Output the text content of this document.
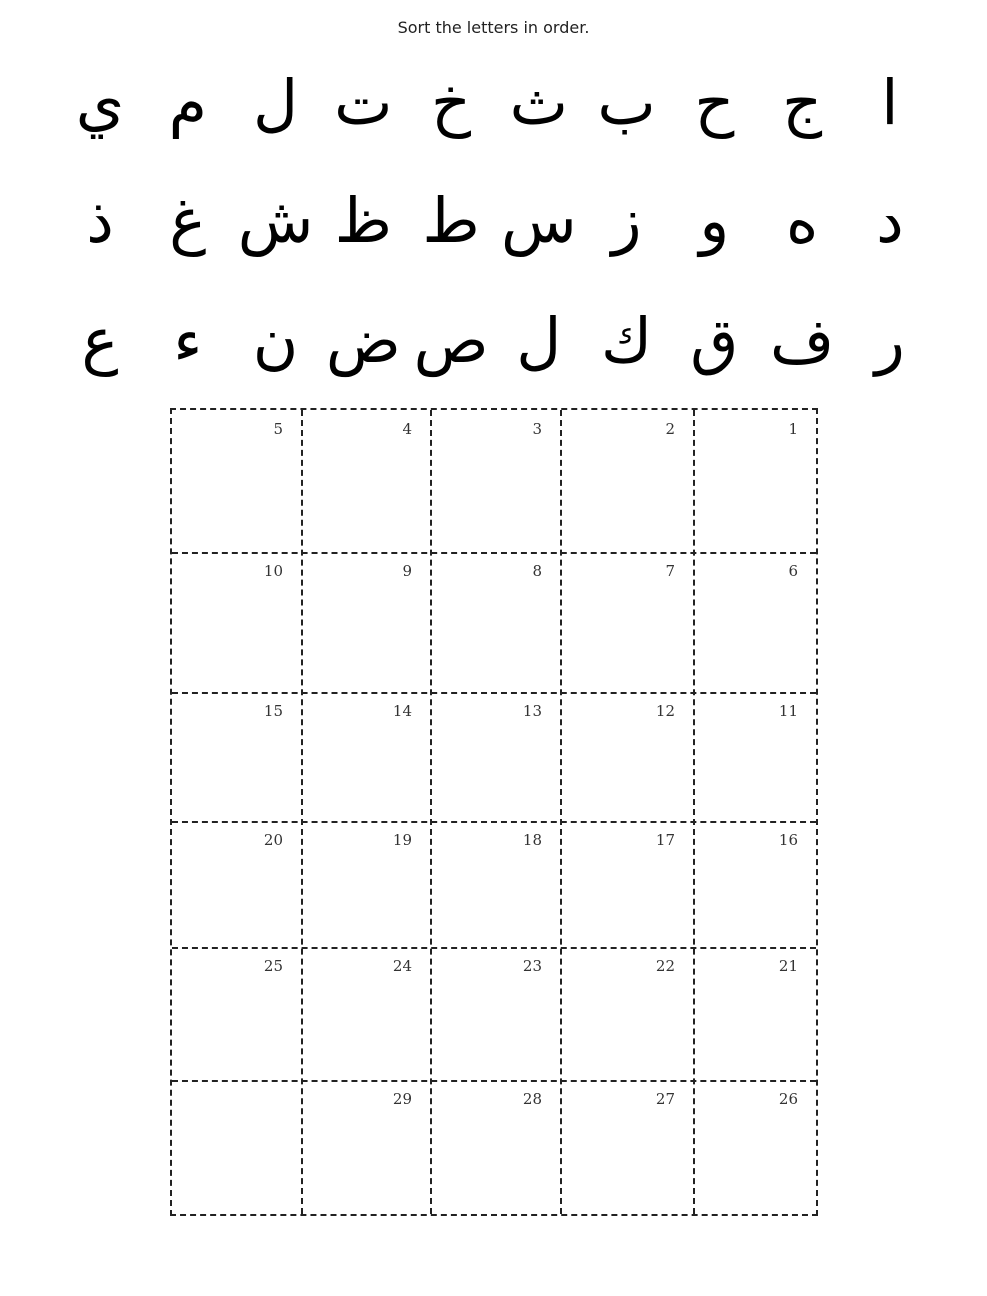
Sort the letters in order.
ا
ج
ح
ب
ث
خ
ت
ل
م
ي
د
ه
و
ز
س
ط
ظ
ش
غ
ذ
ر
ف
ق
ك
ل
ص
ض
ن
ء
ع
1
2
3
4
5
6
7
8
9
10
11
12
13
14
15
16
17
18
19
20
21
22
23
24
25
26
27
28
29
